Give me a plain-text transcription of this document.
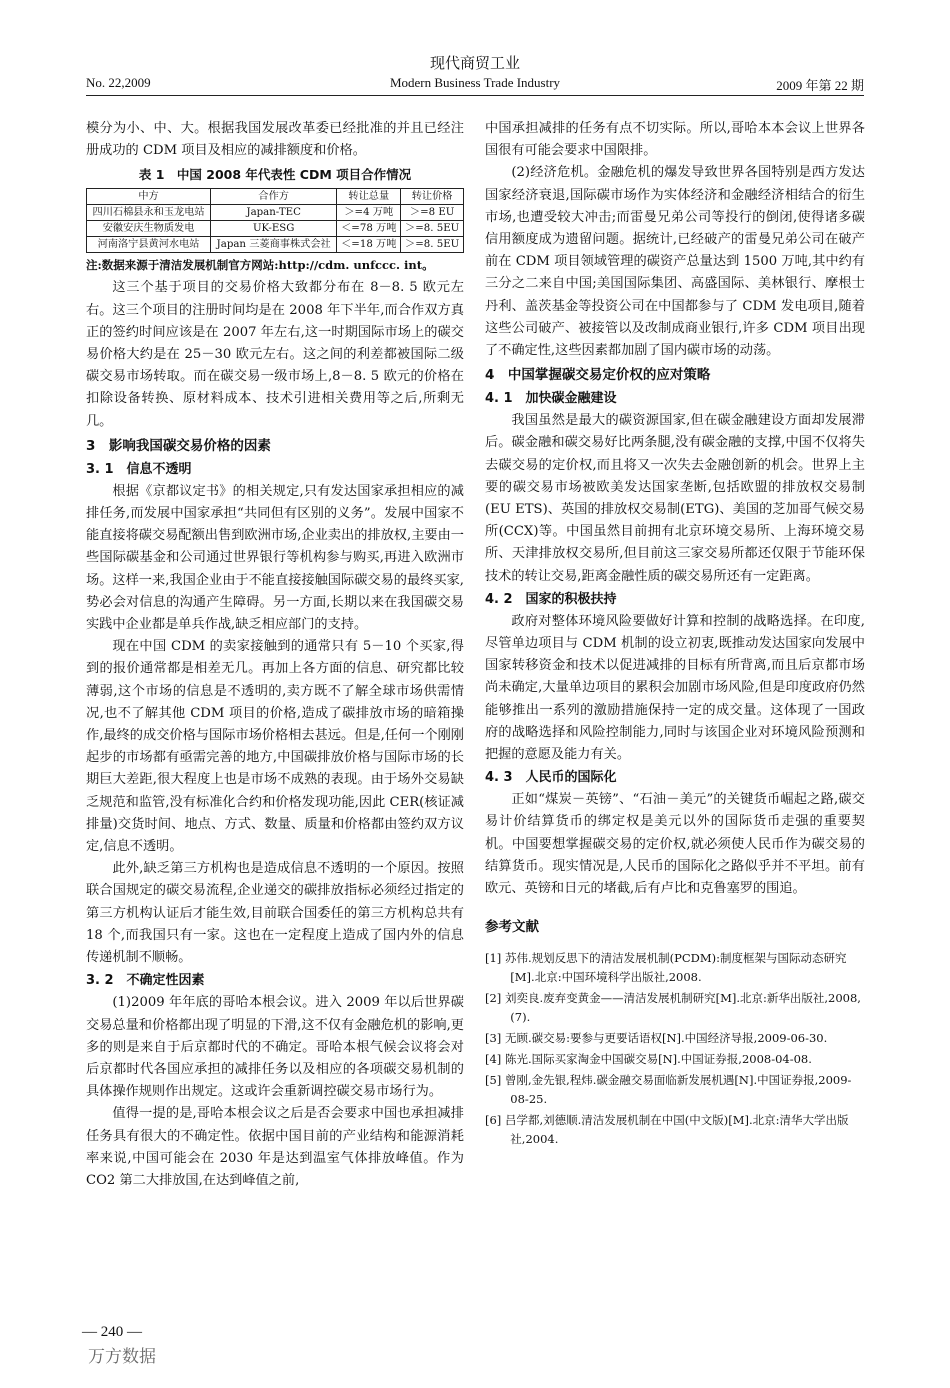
现代商贸工业
No. 22,2009	Modern Business Trade Industry	2009 年第 22 期

模分为小、中、大。根据我国发展改革委已经批准的并且已经注册成功的 CDM 项目及相应的减排额度和价格。

表 1　中国 2008 年代表性 CDM 项目合作情况
中方	合作方	转让总量	转让价格
四川石棉县永和玉龙电站	Japan-TEC	＞=4 万吨	＞=8 EU
安徽安庆生物质发电	UK-ESG	＜=78 万吨	＞=8. 5EU
河南洛宁县黄河水电站	Japan 三菱商事株式会社	＜=18 万吨	＞=8. 5EU
注:数据来源于清洁发展机制官方网站:http://cdm. unfccc. int。

这三个基于项目的交易价格大致都分布在 8－8. 5 欧元左右。这三个项目的注册时间均是在 2008 年下半年,而合作双方真正的签约时间应该是在 2007 年左右,这一时期国际市场上的碳交易价格大约是在 25－30 欧元左右。这之间的利差都被国际二级碳交易市场转取。而在碳交易一级市场上,8－8. 5 欧元的价格在扣除设备转换、原材料成本、技术引进相关费用等之后,所剩无几。

3　影响我国碳交易价格的因素
3. 1　信息不透明

根据《京都议定书》的相关规定,只有发达国家承担相应的减排任务,而发展中国家承担“共同但有区别的义务”。发展中国家不能直接将碳交易配额出售到欧洲市场,企业卖出的排放权,主要由一些国际碳基金和公司通过世界银行等机构参与购买,再进入欧洲市场。这样一来,我国企业由于不能直接接触国际碳交易的最终买家,势必会对信息的沟通产生障碍。另一方面,长期以来在我国碳交易实践中企业都是单兵作战,缺乏相应部门的支持。

现在中国 CDM 的卖家接触到的通常只有 5－10 个买家,得到的报价通常都是相差无几。再加上各方面的信息、研究都比较薄弱,这个市场的信息是不透明的,卖方既不了解全球市场供需情况,也不了解其他 CDM 项目的价格,造成了碳排放市场的暗箱操作,最终的成交价格与国际市场价格相去甚远。但是,任何一个刚刚起步的市场都有亟需完善的地方,中国碳排放价格与国际市场的长期巨大差距,很大程度上也是市场不成熟的表现。由于场外交易缺乏规范和监管,没有标准化合约和价格发现功能,因此 CER(核证减排量)交货时间、地点、方式、数量、质量和价格都由签约双方议定,信息不透明。

此外,缺乏第三方机构也是造成信息不透明的一个原因。按照联合国规定的碳交易流程,企业递交的碳排放指标必须经过指定的第三方机构认证后才能生效,目前联合国委任的第三方机构总共有 18 个,而我国只有一家。这也在一定程度上造成了国内外的信息传递机制不顺畅。

3. 2　不确定性因素

(1)2009 年年底的哥哈本根会议。进入 2009 年以后世界碳交易总量和价格都出现了明显的下滑,这不仅有金融危机的影响,更多的则是来自于后京都时代的不确定。哥哈本根气候会议将会对后京都时代各国应承担的减排任务以及相应的各项碳交易机制的具体操作规则作出规定。这或许会重新调控碳交易市场行为。

值得一提的是,哥哈本根会议之后是否会要求中国也承担减排任务具有很大的不确定性。依据中国目前的产业结构和能源消耗率来说,中国可能会在 2030 年是达到温室气体排放峰值。作为 CO2 第二大排放国,在达到峰值之前,

中国承担减排的任务有点不切实际。所以,哥哈本本会议上世界各国很有可能会要求中国限排。

(2)经济危机。金融危机的爆发导致世界各国特别是西方发达国家经济衰退,国际碳市场作为实体经济和金融经济相结合的衍生市场,也遭受较大冲击;而雷曼兄弟公司等投行的倒闭,使得诸多碳信用额度成为遗留问题。据统计,已经破产的雷曼兄弟公司在破产前在 CDM 项目领域管理的碳资产总量达到 1500 万吨,其中约有三分之二来自中国;美国国际集团、高盛国际、美林银行、摩根士丹利、盖茨基金等投资公司在中国都参与了 CDM 发电项目,随着这些公司破产、被接管以及改制成商业银行,许多 CDM 项目出现了不确定性,这些因素都加剧了国内碳市场的动荡。

4　中国掌握碳交易定价权的应对策略
4. 1　加快碳金融建设

我国虽然是最大的碳资源国家,但在碳金融建设方面却发展滞后。碳金融和碳交易好比两条腿,没有碳金融的支撑,中国不仅将失去碳交易的定价权,而且将又一次失去金融创新的机会。世界上主要的碳交易市场被欧美发达国家垄断,包括欧盟的排放权交易制(EU ETS)、英国的排放权交易制(ETG)、美国的芝加哥气候交易所(CCX)等。中国虽然目前拥有北京环境交易所、上海环境交易所、天津排放权交易所,但目前这三家交易所都还仅限于节能环保技术的转让交易,距离金融性质的碳交易所还有一定距离。

4. 2　国家的积极扶持

政府对整体环境风险要做好计算和控制的战略选择。在印度,尽管单边项目与 CDM 机制的设立初衷,既推动发达国家向发展中国家转移资金和技术以促进减排的目标有所背离,而且后京都市场尚未确定,大量单边项目的累积会加剧市场风险,但是印度政府仍然能够推出一系列的激励措施保持一定的成交量。这体现了一国政府的战略选择和风险控制能力,同时与该国企业对环境风险预测和把握的意愿及能力有关。

4. 3　人民币的国际化

正如“煤炭－英镑”、“石油－美元”的关键货币崛起之路,碳交易计价结算货币的绑定权是美元以外的国际货币走强的重要契机。中国要想掌握碳交易的定价权,就必须使人民币作为碳交易的结算货币。现实情况是,人民币的国际化之路似乎并不平坦。前有欧元、英镑和日元的堵截,后有卢比和克鲁塞罗的围追。

参考文献
[1] 苏伟.规划反思下的清洁发展机制(PCDM):制度框架与国际动态研究[M].北京:中国环境科学出版社,2008.
[2] 刘奕良.废弃变黄金——清洁发展机制研究[M].北京:新华出版社,2008,(7).
[3] 无顾.碳交易:要参与更要话语权[N].中国经济导报,2009-06-30.
[4] 陈光.国际买家淘金中国碳交易[N].中国证券报,2008-04-08.
[5] 曾刚,金先银,程炜.碳金融交易面临新发展机遇[N].中国证券报,2009-08-25.
[6] 吕学都,刘德顺.清洁发展机制在中国(中文版)[M].北京:清华大学出版社,2004.
— 240 —
万方数据
